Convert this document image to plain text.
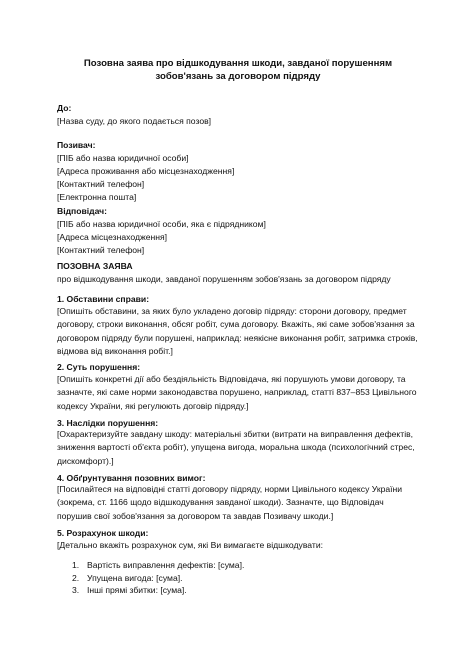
Позовна заява про відшкодування шкоди, завданої порушенням зобов'язань за договором підряду
До:
[Назва суду, до якого подається позов]
Позивач:
[ПІБ або назва юридичної особи]
[Адреса проживання або місцезнаходження]
[Контактний телефон]
[Електронна пошта]
Відповідач:
[ПІБ або назва юридичної особи, яка є підрядником]
[Адреса місцезнаходження]
[Контактний телефон]
ПОЗОВНА ЗАЯВА
про відшкодування шкоди, завданої порушенням зобов'язань за договором підряду
1. Обставини справи:
[Опишіть обставини, за яких було укладено договір підряду: сторони договору, предмет договору, строки виконання, обсяг робіт, сума договору. Вкажіть, які саме зобов'язання за договором підряду були порушені, наприклад: неякісне виконання робіт, затримка строків, відмова від виконання робіт.]
2. Суть порушення:
[Опишіть конкретні дії або бездіяльність Відповідача, які порушують умови договору, та зазначте, які саме норми законодавства порушено, наприклад, статті 837–853 Цивільного кодексу України, які регулюють договір підряду.]
3. Наслідки порушення:
[Охарактеризуйте завдану шкоду: матеріальні збитки (витрати на виправлення дефектів, зниження вартості об'єкта робіт), упущена вигода, моральна шкода (психологічний стрес, дискомфорт).]
4. Обґрунтування позовних вимог:
[Посилайтеся на відповідні статті договору підряду, норми Цивільного кодексу України (зокрема, ст. 1166 щодо відшкодування завданої шкоди). Зазначте, що Відповідач порушив свої зобов'язання за договором та завдав Позивачу шкоди.]
5. Розрахунок шкоди:
[Детально вкажіть розрахунок сум, які Ви вимагаєте відшкодувати:
1. Вартість виправлення дефектів: [сума].
2. Упущена вигода: [сума].
3. Інші прямі збитки: [сума].
